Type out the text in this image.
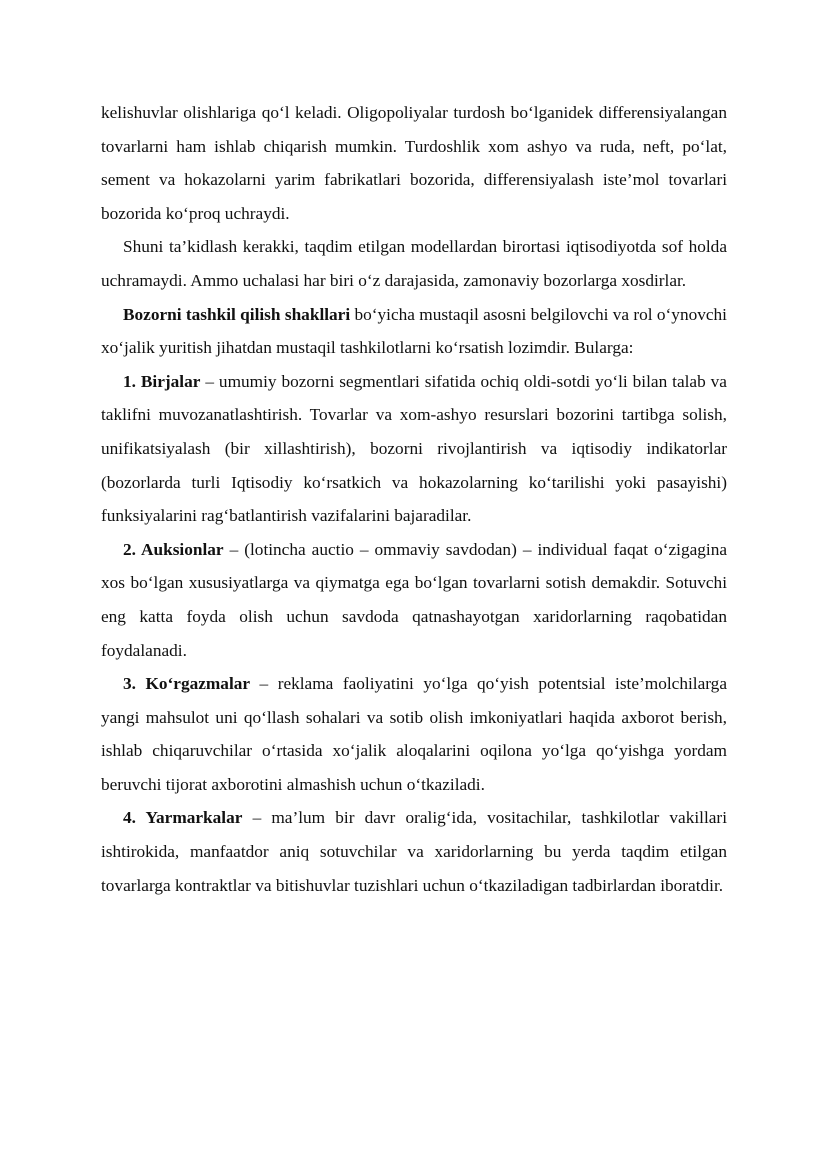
kelishuvlar olishlariga qo‘l keladi. Oligopoliyalar turdosh bo‘lganidek differensiyalangan tovarlarni ham ishlab chiqarish mumkin. Turdoshlik xom ashyo va ruda, neft, po‘lat, sement va hokazolarni yarim fabrikatlari bozorida, differensiyalash iste’mol tovarlari bozorida ko‘proq uchraydi.

Shuni ta’kidlash kerakki, taqdim etilgan modellardan birortasi iqtisodiyotda sof holda uchramaydi. Ammo uchalasi har biri o‘z darajasida, zamonaviy bozorlarga xosdirlar.

Bozorni tashkil qilish shakllari bo‘yicha mustaqil asosni belgilovchi va rol o‘ynovchi xo‘jalik yuritish jihatdan mustaqil tashkilotlarni ko‘rsatish lozimdir. Bularga:

1. Birjalar – umumiy bozorni segmentlari sifatida ochiq oldi-sotdi yo‘li bilan talab va taklifni muvozanatlashtirish. Tovarlar va xom-ashyo resurslari bozorini tartibga solish, unifikatsiyalash (bir xillashtirish), bozorni rivojlantirish va iqtisodiy indikatorlar (bozorlarda turli Iqtisodiy ko‘rsatkich va hokazolarning ko‘tarilishi yoki pasayishi) funksiyalarini rag‘batlantirish vazifalarini bajaradilar.

2. Auksionlar – (lotincha auctio – ommaviy savdodan) – individual faqat o‘zigagina xos bo‘lgan xususiyatlarga va qiymatga ega bo‘lgan tovarlarni sotish demakdir. Sotuvchi eng katta foyda olish uchun savdoda qatnashayotgan xaridorlarning raqobatidan foydalanadi.

3. Ko‘rgazmalar – reklama faoliyatini yo‘lga qo‘yish potentsial iste’molchilarga yangi mahsulot uni qo‘llash sohalari va sotib olish imkoniyatlari haqida axborot berish, ishlab chiqaruvchilar o‘rtasida xo‘jalik aloqalarini oqilona yo‘lga qo‘yishga yordam beruvchi tijorat axborotini almashish uchun o‘tkaziladi.

4. Yarmarkalar – ma’lum bir davr oralig‘ida, vositachilar, tashkilotlar vakillari ishtirokida, manfaatdor aniq sotuvchilar va xaridorlarning bu yerda taqdim etilgan tovarlarga kontraktlar va bitishuvlar tuzishlari uchun o‘tkaziladigan tadbirlardan iboratdir.
